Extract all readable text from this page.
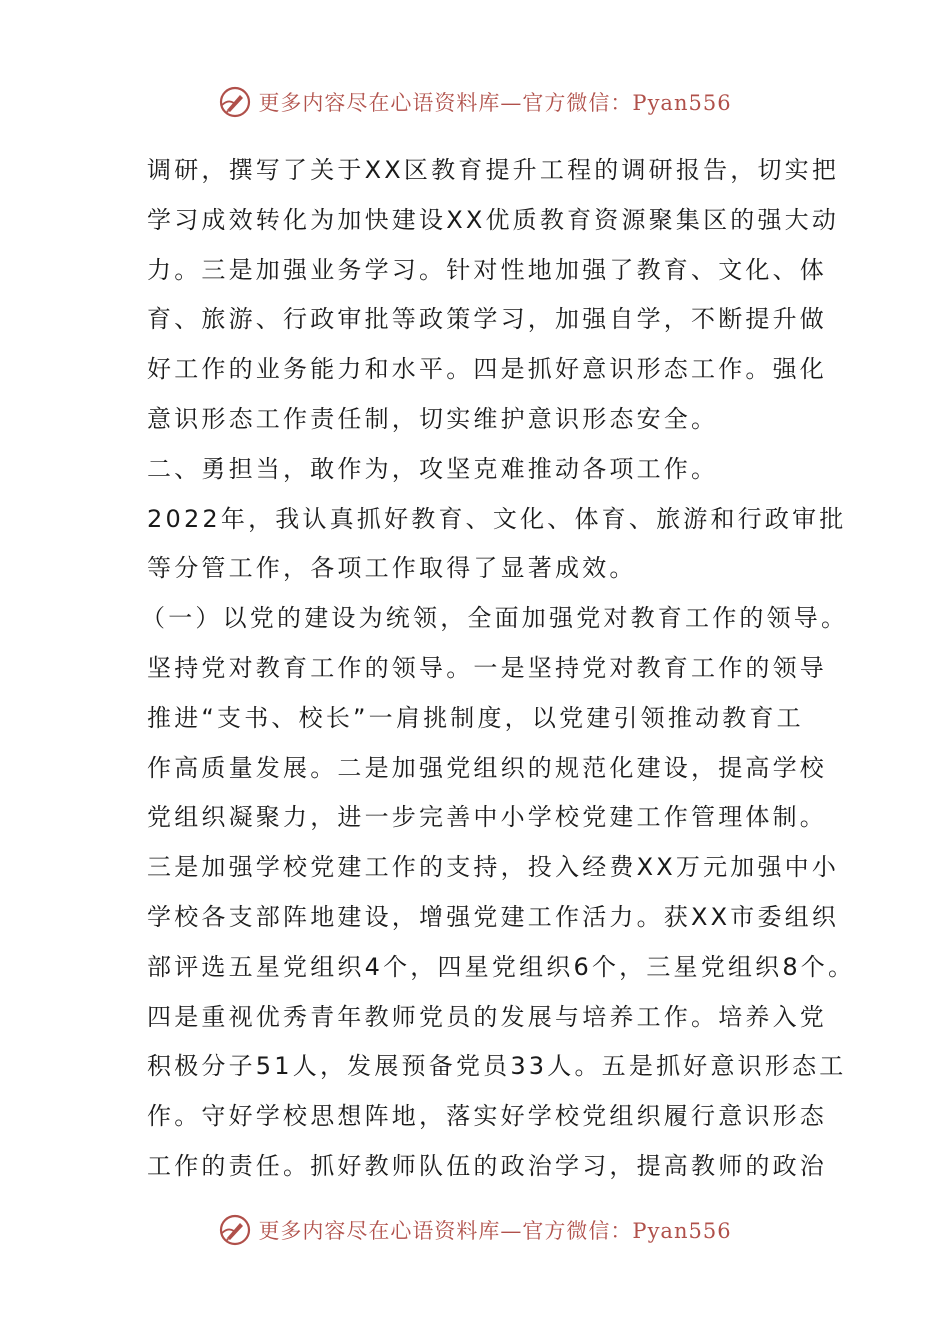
更多内容尽在心语资料库—官方微信：Pyan556
调研，撰写了关于XX区教育提升工程的调研报告，切实把
学习成效转化为加快建设XX优质教育资源聚集区的强大动
力。三是加强业务学习。针对性地加强了教育、文化、体
育、旅游、行政审批等政策学习，加强自学，不断提升做
好工作的业务能力和水平。四是抓好意识形态工作。强化
意识形态工作责任制，切实维护意识形态安全。
二、勇担当，敢作为，攻坚克难推动各项工作。
2022年，我认真抓好教育、文化、体育、旅游和行政审批
等分管工作，各项工作取得了显著成效。
（一）以党的建设为统领，全面加强党对教育工作的领导。
坚持党对教育工作的领导。一是坚持党对教育工作的领导
推进“支书、校长”一肩挑制度，以党建引领推动教育工
作高质量发展。二是加强党组织的规范化建设，提高学校
党组织凝聚力，进一步完善中小学校党建工作管理体制。
三是加强学校党建工作的支持，投入经费XX万元加强中小
学校各支部阵地建设，增强党建工作活力。获XX市委组织
部评选五星党组织4个，四星党组织6个，三星党组织8个。
四是重视优秀青年教师党员的发展与培养工作。培养入党
积极分子51人，发展预备党员33人。五是抓好意识形态工
作。守好学校思想阵地，落实好学校党组织履行意识形态
工作的责任。抓好教师队伍的政治学习，提高教师的政治
更多内容尽在心语资料库—官方微信：Pyan556
